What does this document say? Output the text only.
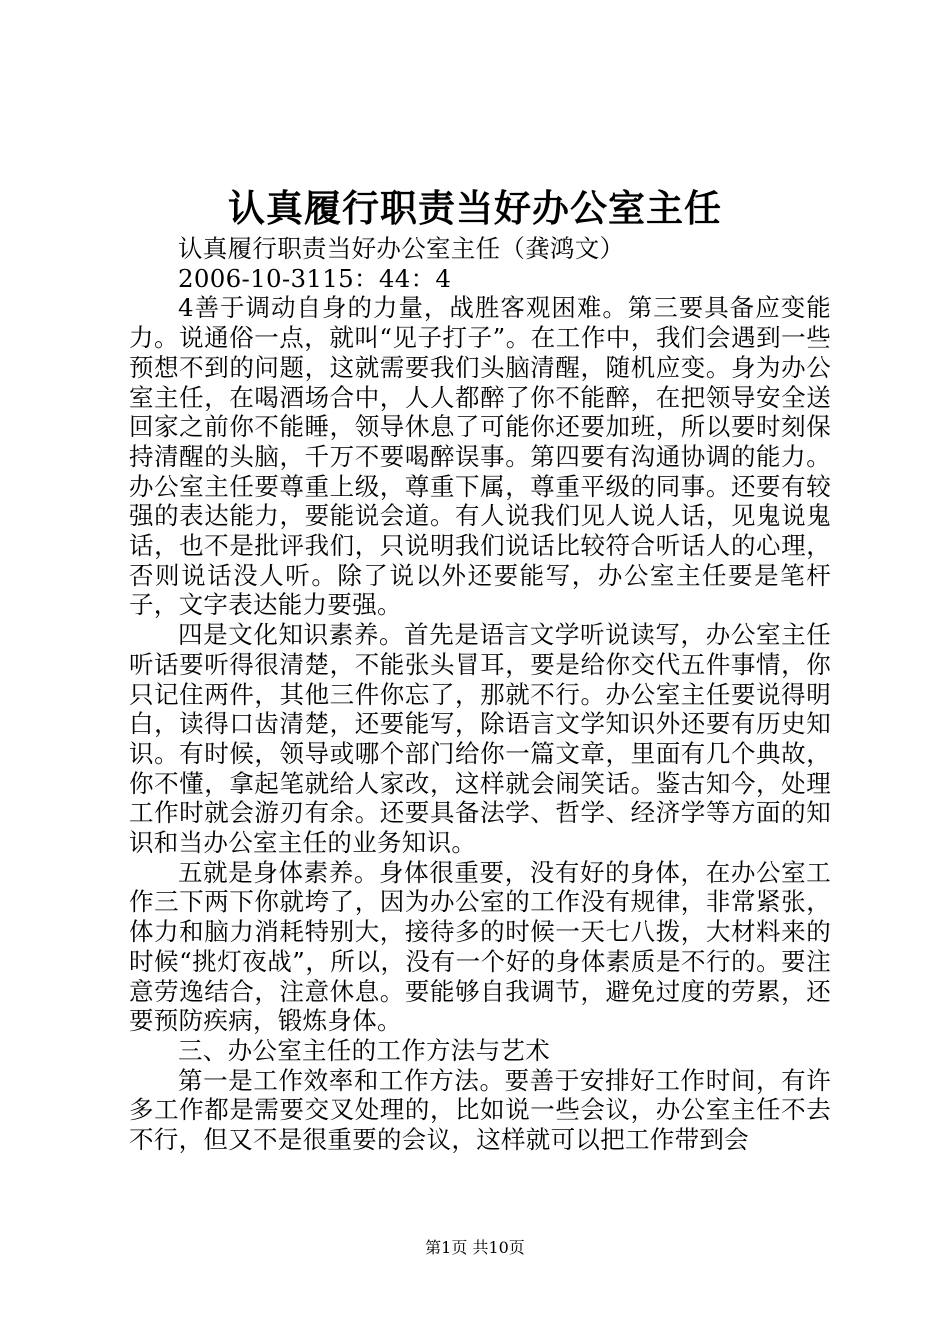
认真履行职责当好办公室主任

认真履行职责当好办公室主任（龚鸿文）

2006-10-3115：44：4

4善于调动自身的力量，战胜客观困难。第三要具备应变能力。说通俗一点，就叫“见子打子”。在工作中，我们会遇到一些预想不到的问题，这就需要我们头脑清醒，随机应变。身为办公室主任，在喝酒场合中，人人都醉了你不能醉，在把领导安全送回家之前你不能睡，领导休息了可能你还要加班，所以要时刻保持清醒的头脑，千万不要喝醉误事。第四要有沟通协调的能力。办公室主任要尊重上级，尊重下属，尊重平级的同事。还要有较强的表达能力，要能说会道。有人说我们见人说人话，见鬼说鬼话，也不是批评我们，只说明我们说话比较符合听话人的心理，否则说话没人听。除了说以外还要能写，办公室主任要是笔杆子，文字表达能力要强。

四是文化知识素养。首先是语言文学听说读写，办公室主任听话要听得很清楚，不能张头冒耳，要是给你交代五件事情，你只记住两件，其他三件你忘了，那就不行。办公室主任要说得明白，读得口齿清楚，还要能写，除语言文学知识外还要有历史知识。有时候，领导或哪个部门给你一篇文章，里面有几个典故，你不懂，拿起笔就给人家改，这样就会闹笑话。鉴古知今，处理工作时就会游刃有余。还要具备法学、哲学、经济学等方面的知识和当办公室主任的业务知识。

五就是身体素养。身体很重要，没有好的身体，在办公室工作三下两下你就垮了，因为办公室的工作没有规律，非常紧张，体力和脑力消耗特别大，接待多的时候一天七八拨，大材料来的时候“挑灯夜战”，所以，没有一个好的身体素质是不行的。要注意劳逸结合，注意休息。要能够自我调节，避免过度的劳累，还要预防疾病，锻炼身体。

三、办公室主任的工作方法与艺术

第一是工作效率和工作方法。要善于安排好工作时间，有许多工作都是需要交叉处理的，比如说一些会议，办公室主任不去不行，但又不是很重要的会议，这样就可以把工作带到会

第1页 共10页
